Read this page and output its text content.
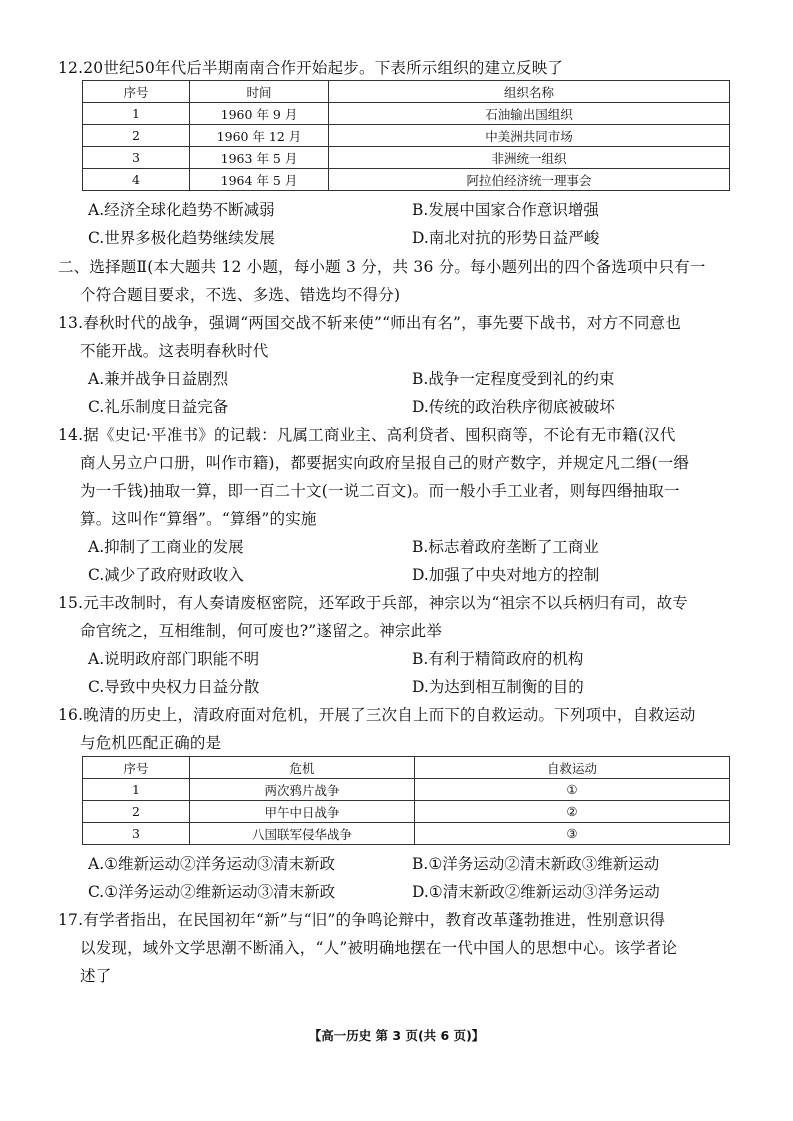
12.20世纪50年代后半期南南合作开始起步。下表所示组织的建立反映了
序号	时间	组织名称
1	1960 年 9 月	石油输出国组织
2	1960 年 12 月	中美洲共同市场
3	1963 年 5 月	非洲统一组织
4	1964 年 5 月	阿拉伯经济统一理事会
A.经济全球化趋势不断减弱	B.发展中国家合作意识增强
C.世界多极化趋势继续发展	D.南北对抗的形势日益严峻
二、选择题Ⅱ(本大题共 12 小题，每小题 3 分，共 36 分。每小题列出的四个备选项中只有一
个符合题目要求，不选、多选、错选均不得分)
13.春秋时代的战争，强调“两国交战不斩来使”“师出有名”，事先要下战书，对方不同意也
不能开战。这表明春秋时代
A.兼并战争日益剧烈	B.战争一定程度受到礼的约束
C.礼乐制度日益完备	D.传统的政治秩序彻底被破坏
14.据《史记·平准书》的记载：凡属工商业主、高利贷者、囤积商等，不论有无市籍(汉代
商人另立户口册，叫作市籍)，都要据实向政府呈报自己的财产数字，并规定凡二缗(一缗
为一千钱)抽取一算，即一百二十文(一说二百文)。而一般小手工业者，则每四缗抽取一
算。这叫作“算缗”。“算缗”的实施
A.抑制了工商业的发展	B.标志着政府垄断了工商业
C.减少了政府财政收入	D.加强了中央对地方的控制
15.元丰改制时，有人奏请废枢密院，还军政于兵部，神宗以为“祖宗不以兵柄归有司，故专
命官统之，互相维制，何可废也?”遂留之。神宗此举
A.说明政府部门职能不明	B.有利于精简政府的机构
C.导致中央权力日益分散	D.为达到相互制衡的目的
16.晚清的历史上，清政府面对危机，开展了三次自上而下的自救运动。下列项中，自救运动
与危机匹配正确的是
序号	危机	自救运动
1	两次鸦片战争	①
2	甲午中日战争	②
3	八国联军侵华战争	③
A.①维新运动②洋务运动③清末新政	B.①洋务运动②清末新政③维新运动
C.①洋务运动②维新运动③清末新政	D.①清末新政②维新运动③洋务运动
17.有学者指出，在民国初年“新”与“旧”的争鸣论辩中，教育改革蓬勃推进，性别意识得
以发现，域外文学思潮不断涌入，“人”被明确地摆在一代中国人的思想中心。该学者论
述了
【高一历史 第 3 页(共 6 页)】
